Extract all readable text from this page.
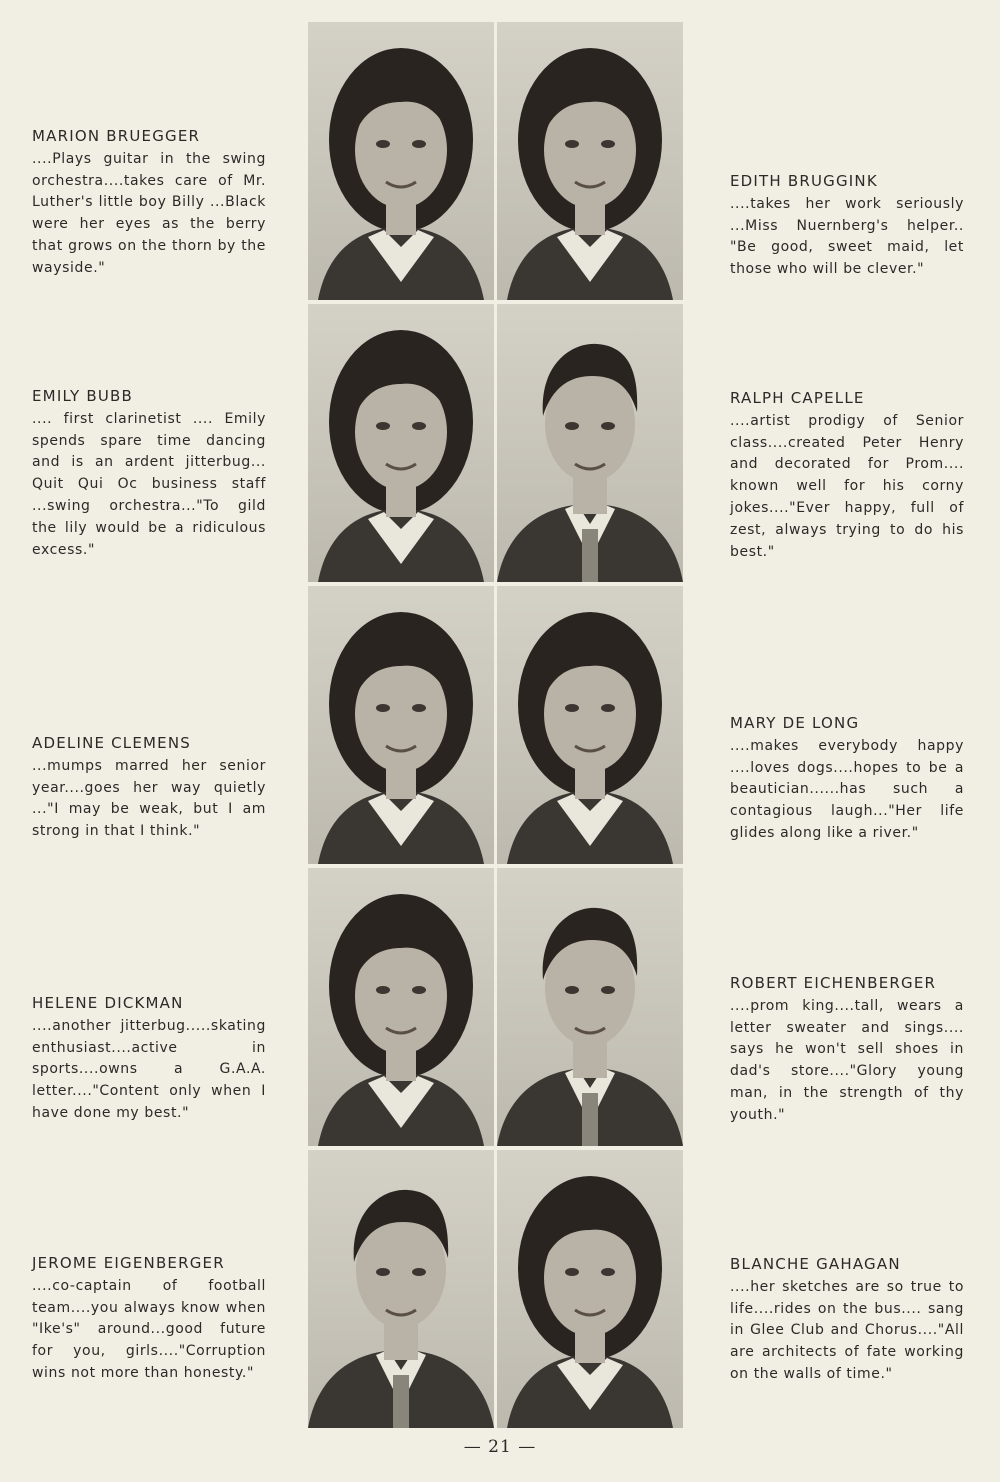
MARION BRUEGGER
....Plays guitar in the swing orchestra....takes care of Mr. Luther's little boy Billy ...Black were her eyes as the berry that grows on the thorn by the wayside."
EMILY BUBB
.... first clarinetist .... Emily spends spare time dancing and is an ardent jitterbug... Quit Qui Oc business staff ...swing orchestra..."To gild the lily would be a ridiculous excess."
ADELINE CLEMENS
...mumps marred her senior year....goes her way quietly ..."I may be weak, but I am strong in that I think."
HELENE DICKMAN
....another jitterbug.....skating enthusiast....active in sports....owns a G.A.A. letter...."Content only when I have done my best."
JEROME EIGENBERGER
....co-captain of football team....you always know when "Ike's" around...good future for you, girls...."Corruption wins not more than honesty."
EDITH BRUGGINK
....takes her work seriously ...Miss Nuernberg's helper.. "Be good, sweet maid, let those who will be clever."
RALPH CAPELLE
....artist prodigy of Senior class....created Peter Henry and decorated for Prom.... known well for his corny jokes...."Ever happy, full of zest, always trying to do his best."
MARY DE LONG
....makes everybody happy ....loves dogs....hopes to be a beautician......has such a contagious laugh..."Her life glides along like a river."
ROBERT EICHENBERGER
....prom king....tall, wears a letter sweater and sings.... says he won't sell shoes in dad's store...."Glory young man, in the strength of thy youth."
BLANCHE GAHAGAN
....her sketches are so true to life....rides on the bus.... sang in Glee Club and Chorus...."All are architects of fate working on the walls of time."
— 21 —
